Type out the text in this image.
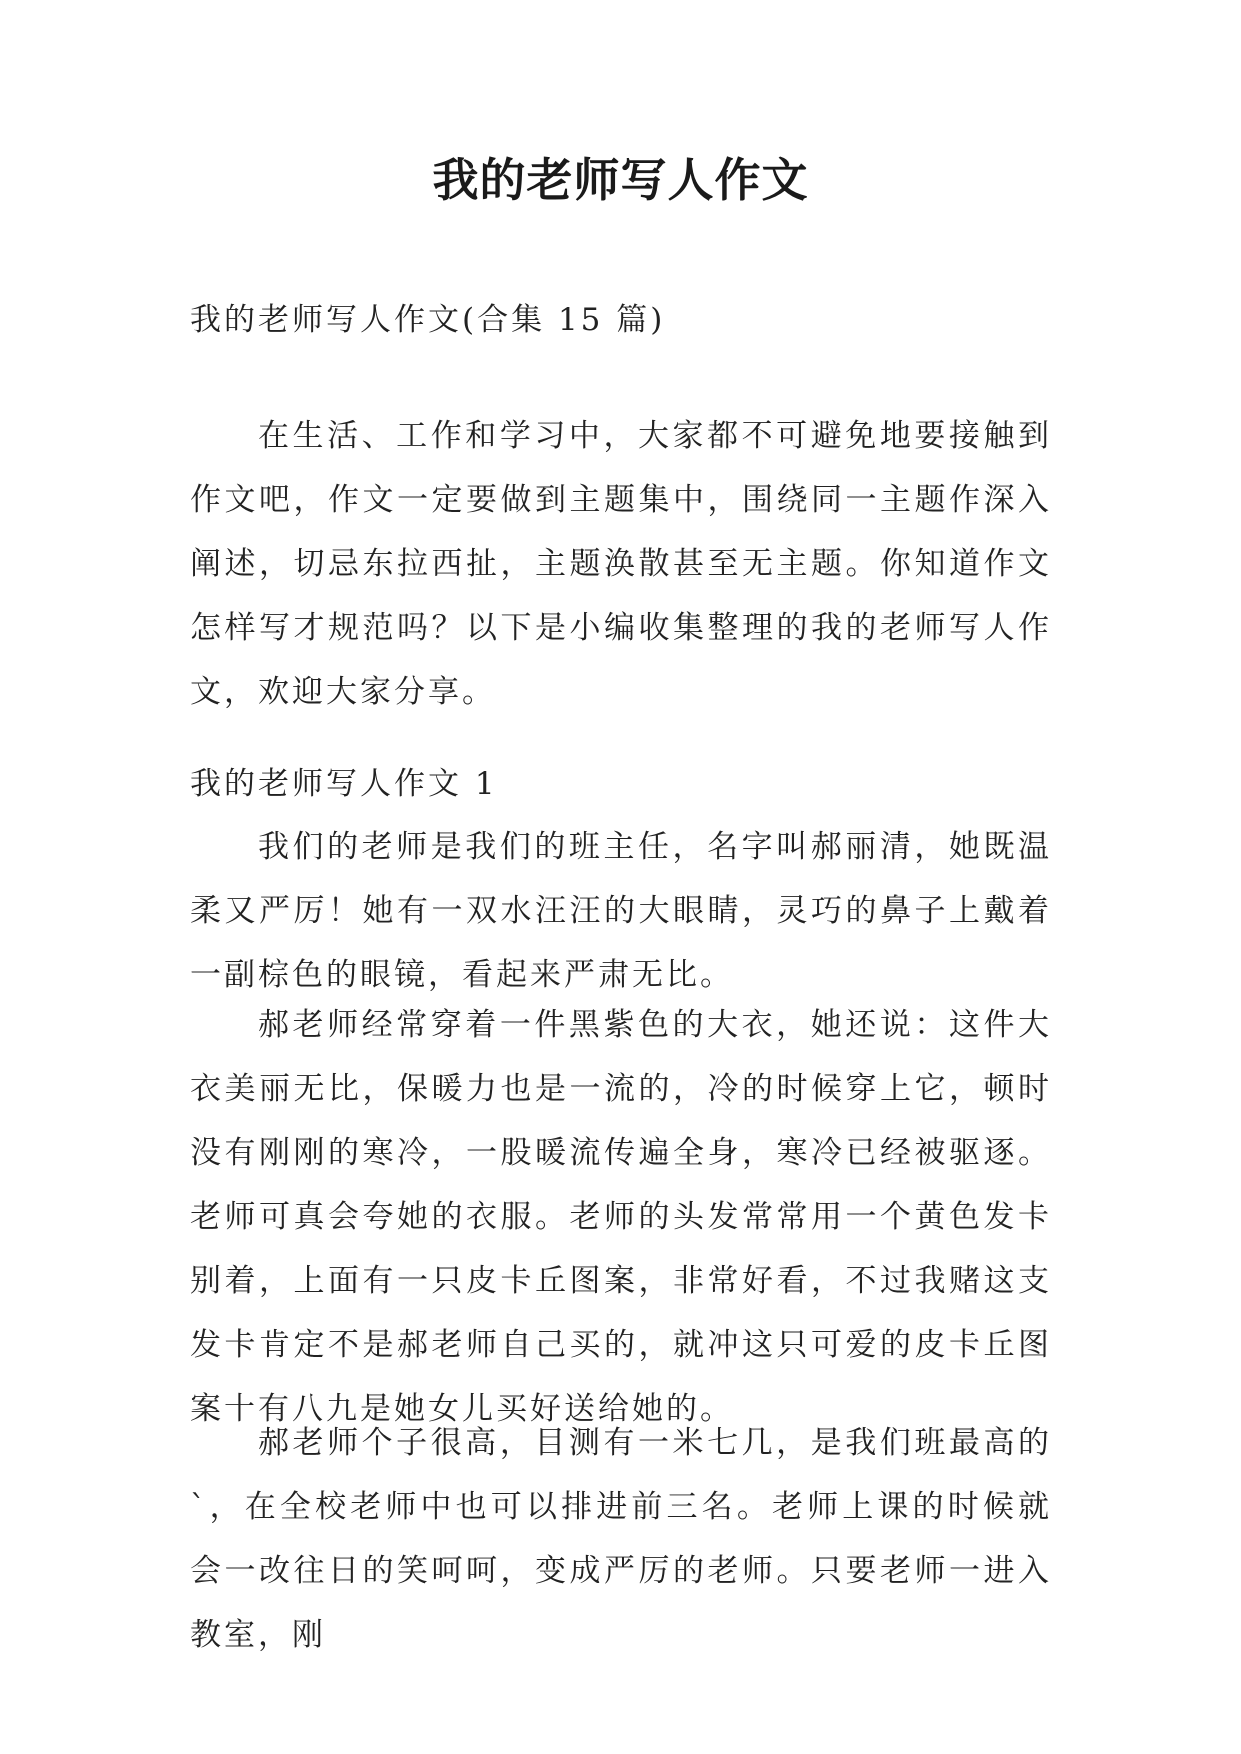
我的老师写人作文

我的老师写人作文(合集 15 篇)

在生活、工作和学习中，大家都不可避免地要接触到作文吧，作文一定要做到主题集中，围绕同一主题作深入阐述，切忌东拉西扯，主题涣散甚至无主题。你知道作文怎样写才规范吗？以下是小编收集整理的我的老师写人作文，欢迎大家分享。

我的老师写人作文 1

我们的老师是我们的班主任，名字叫郝丽清，她既温柔又严厉！她有一双水汪汪的大眼睛，灵巧的鼻子上戴着一副棕色的眼镜，看起来严肃无比。

郝老师经常穿着一件黑紫色的大衣，她还说：这件大衣美丽无比，保暖力也是一流的，冷的时候穿上它，顿时没有刚刚的寒冷，一股暖流传遍全身，寒冷已经被驱逐。老师可真会夸她的衣服。老师的头发常常用一个黄色发卡别着，上面有一只皮卡丘图案，非常好看，不过我赌这支发卡肯定不是郝老师自己买的，就冲这只可爱的皮卡丘图案十有八九是她女儿买好送给她的。

郝老师个子很高，目测有一米七几，是我们班最高的`，在全校老师中也可以排进前三名。老师上课的时候就会一改往日的笑呵呵，变成严厉的老师。只要老师一进入教室，刚
